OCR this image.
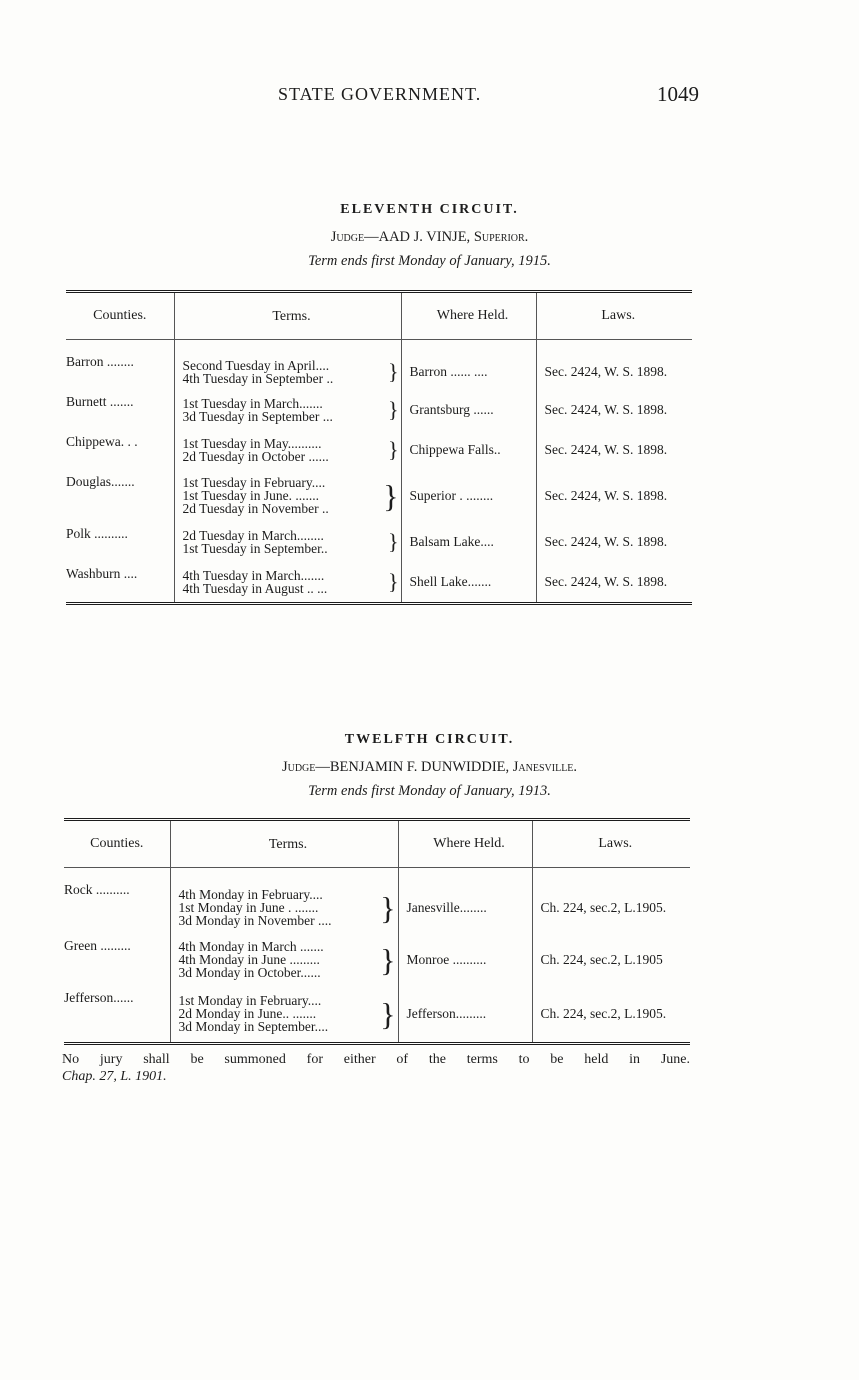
STATE GOVERNMENT.	1049
ELEVENTH CIRCUIT.
Judge—AAD J. VINJE, Superior.
Term ends first Monday of January, 1915.
Counties.	Terms.	Where Held.	Laws.
Barron ........	Second Tuesday in April....
4th Tuesday in September .. }	Barron ...... ....	Sec. 2424, W. S. 1898.
Burnett .......	1st Tuesday in March.......
3d Tuesday in September ... }	Grantsburg ......	Sec. 2424, W. S. 1898.
Chippewa. . .	1st Tuesday in May..........
2d Tuesday in October ...... }	Chippewa Falls..	Sec. 2424, W. S. 1898.
Douglas.......	1st Tuesday in February....
1st Tuesday in June. .......
2d Tuesday in November .. }	Superior . ........	Sec. 2424, W. S. 1898.
Polk ..........	2d Tuesday in March........
1st Tuesday in September.. }	Balsam Lake....	Sec. 2424, W. S. 1898.
Washburn ....	4th Tuesday in March.......
4th Tuesday in August .. ... }	Shell Lake.......	Sec. 2424, W. S. 1898.
TWELFTH CIRCUIT.
Judge—BENJAMIN F. DUNWIDDIE, Janesville.
Term ends first Monday of January, 1913.
Counties.	Terms.	Where Held.	Laws.
Rock ..........	4th Monday in February....
1st Monday in June . .......
3d Monday in November .... }	Janesville........	Ch. 224, sec.2, L.1905.
Green .........	4th Monday in March .......
4th Monday in June .........
3d Monday in October...... }	Monroe ..........	Ch. 224, sec.2, L.1905
Jefferson......	1st Monday in February....
2d Monday in June.. .......
3d Monday in September.... }	Jefferson.........	Ch. 224, sec.2, L.1905.
No jury shall be summoned for either of the terms to be held in June.
Chap. 27, L. 1901.
